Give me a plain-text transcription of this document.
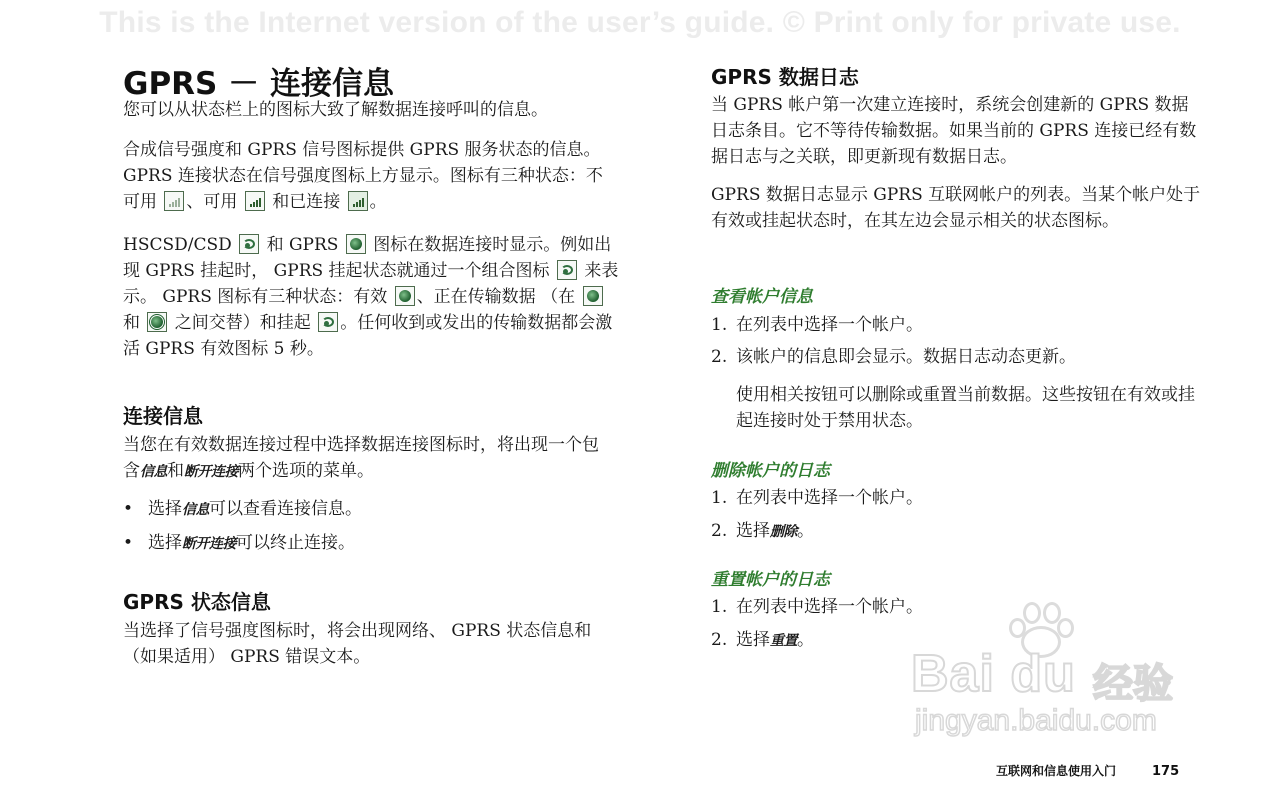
This is the Internet version of the user’s guide. © Print only for private use.
GPRS － 连接信息

您可以从状态栏上的图标大致了解数据连接呼叫的信息。

合成信号强度和 GPRS 信号图标提供 GPRS 服务状态的信息。 GPRS 连接状态在信号强度图标上方显示。图标有三种状态：不可用
、可用
和已连接
。

HSCSD/CSD  和 GPRS  图标在数据连接时显示。例如出现 GPRS 挂起时， GPRS 挂起状态就通过一个组合图标  来表示。 GPRS 图标有三种状态：有效 、正在传输数据 （在  和  之间交替）和挂起 。任何收到或发出的传输数据都会激活 GPRS 有效图标 5 秒。

连接信息

当您在有效数据连接过程中选择数据连接图标时，将出现一个包含信息和断开连接两个选项的菜单。

• 选择信息可以查看连接信息。
• 选择断开连接可以终止连接。
GPRS 状态信息

当选择了信号强度图标时，将会出现网络、 GPRS 状态信息和 （如果适用） GPRS 错误文本。

GPRS 数据日志

当 GPRS 帐户第一次建立连接时，系统会创建新的 GPRS 数据日志条目。它不等待传输数据。如果当前的 GPRS 连接已经有数据日志与之关联，即更新现有数据日志。

GPRS 数据日志显示 GPRS 互联网帐户的列表。当某个帐户处于有效或挂起状态时，在其左边会显示相关的状态图标。

查看帐户信息
1. 在列表中选择一个帐户。
2. 该帐户的信息即会显示。数据日志动态更新。

使用相关按钮可以删除或重置当前数据。这些按钮在有效或挂起连接时处于禁用状态。

删除帐户的日志
1. 在列表中选择一个帐户。
2. 选择删除。
重置帐户的日志
1. 在列表中选择一个帐户。
2. 选择重置。
Bai du 经验
jingyan.baidu.com
互联网和信息使用入门	175
